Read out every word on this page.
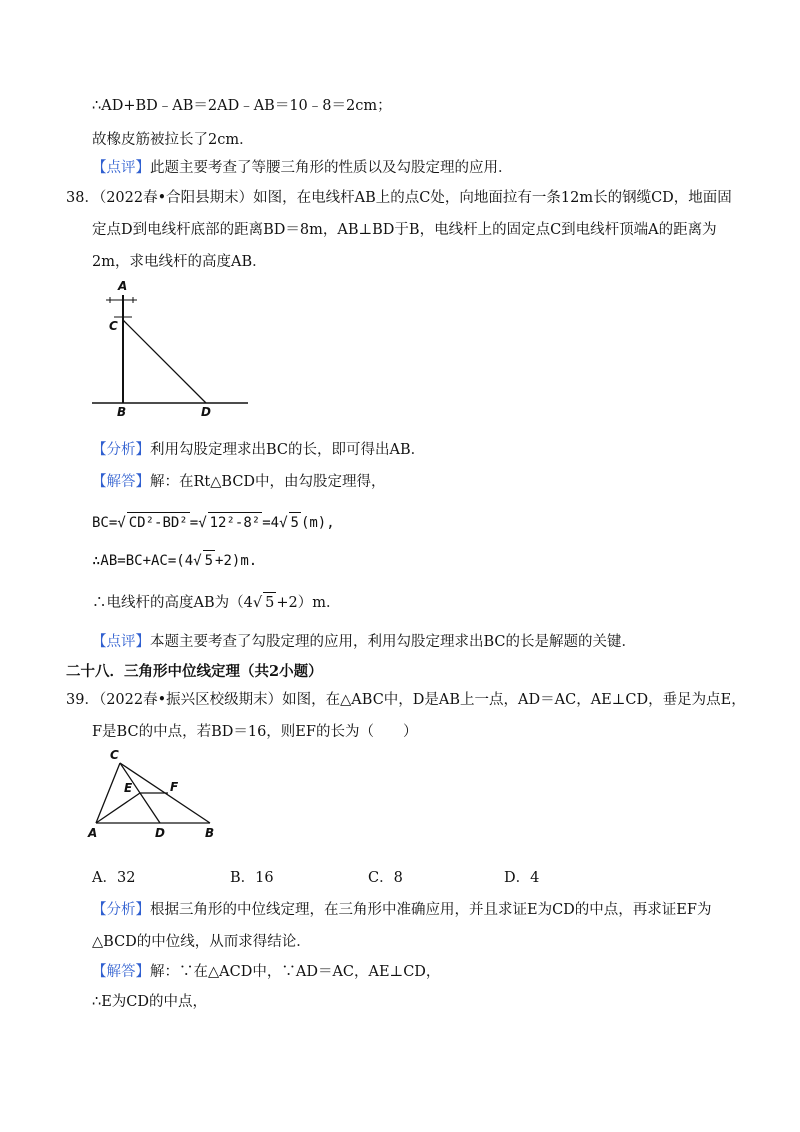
∴AD+BD﹣AB＝2AD﹣AB＝10﹣8＝2cm；
故橡皮筋被拉长了2cm．
【点评】此题主要考查了等腰三角形的性质以及勾股定理的应用．
38．（2022春•合阳县期末）如图，在电线杆AB上的点C处，向地面拉有一条12m长的钢缆CD，地面固
定点D到电线杆底部的距离BD＝8m，AB⊥BD于B，电线杆上的固定点C到电线杆顶端A的距离为
2m，求电线杆的高度AB．
A
C
B	D
【分析】利用勾股定理求出BC的长，即可得出AB．
【解答】解：在Rt△BCD中，由勾股定理得，
BC=√ CD²-BD² =√ 12²-8² =4√ 5 (m),
∴AB=BC+AC=(4√ 5 +2)m.
∴电线杆的高度AB为（4√ 5 +2）m．
【点评】本题主要考查了勾股定理的应用，利用勾股定理求出BC的长是解题的关键．
二十八．三角形中位线定理（共2小题）
39．（2022春•振兴区校级期末）如图，在△ABC中，D是AB上一点，AD＝AC，AE⊥CD，垂足为点E，
F是BC的中点，若BD＝16，则EF的长为（　　）
C
E	F
A	D	B
A．32	B．16	C．8	D．4
【分析】根据三角形的中位线定理，在三角形中准确应用，并且求证E为CD的中点，再求证EF为
△BCD的中位线，从而求得结论．
【解答】解：∵在△ACD中，∵AD＝AC，AE⊥CD，
∴E为CD的中点，
